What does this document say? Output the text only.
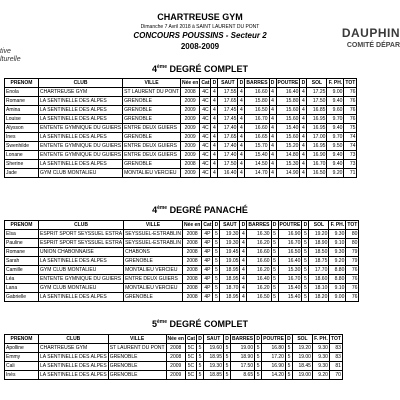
CHARTREUSE GYM
Dimanche 7 Avril 2018 à SAINT LAURENT DU PONT
CONCOURS POUSSINS - Secteur 2
2008-2009
tive
lturelle
DAUPHIN
COMITÉ DÉPAR
4ème DEGRÉ COMPLET
PRENOM	CLUB	VILLE	Née en	Cat	D	SAUT	D	BARRES	D	POUTRE	D	SOL	F. PH.	TOT
Enola	CHARTREUSE GYM	ST LAURENT DU PONT	2008	4C	4	17.55	4	16.60	4	16.40	4	17.25	9.00	76
Romane	LA SENTINELLE DES ALPES	GRENOBLE	2009	4C	4	17.65	4	15.80	4	15.80	4	17.50	9.40	76
Amina	LA SENTINELLE DES ALPES	GRENOBLE	2009	4C	4	17.45	4	16.50	4	15.60	4	16.85	9.60	76
Louise	LA SENTINELLE DES ALPES	GRENOBLE	2009	4C	4	17.45	4	16.70	4	15.60	4	16.95	9.70	76
Alysson	ENTENTE GYMNIQUE DU GUIERS	ENTRE DEUX GUIERS	2009	4C	4	17.40	4	16.60	4	15.40	4	16.95	9.40	75
Ines	LA SENTINELLE DES ALPES	GRENOBLE	2009	4C	4	17.65	4	16.65	4	15.60	4	17.00	9.70	74
Swenhilde	ENTENTE GYMNIQUE DU GUIERS	ENTRE DEUX GUIERS	2009	4C	4	17.40	4	15.70	4	15.20	4	16.95	9.50	74
Lonane	ENTENTE GYMNIQUE DU GUIERS	ENTRE DEUX GUIERS	2009	4C	4	17.40	4	15.40	4	14.80	4	16.90	9.40	73
Sherine	LA SENTINELLE DES ALPES	GRENOBLE	2008	4C	4	17.50	4	14.50	4	15.30	4	16.70	9.40	73
Jade	GYM CLUB MONTALIEU	MONTALIEU VERCIEU	2009	4C	4	16.40	4	14.70	4	14.90	4	16.50	9.20	71
4ème DEGRÉ PANACHÉ
PRENOM	CLUB	VILLE	Née en	Cat	D	SAUT	D	BARRES	D	POUTRE	D	SOL	F. PH.	TOT
Elsa	ESPRIT SPORT SEYSSUEL ESTRA	SEYSSUEL-ESTRABLIN	2008	4P	5	19.30	4	16.30	5	16.90	5	19.20	9.30	80
Pauline	ESPRIT SPORT SEYSSUEL ESTRA	SEYSSUEL-ESTRABLIN	2008	4P	5	19.30	4	16.20	5	16.70	5	18.90	9.10	80
Romane	UNION CHABONNAISE	CHABONS	2008	4P	5	19.45	4	16.60	5	16.50	5	18.50	9.30	79
Sarah	LA SENTINELLE DES ALPES	GRENOBLE	2008	4P	5	19.05	4	16.60	5	16.40	5	18.75	9.20	79
Camille	GYM CLUB MONTALIEU	MONTALIEU VERCIEU	2008	4P	5	18.95	4	16.20	5	15.30	5	17.70	8.80	76
Léa	ENTENTE GYMNIQUE DU GUIERS	ENTRE DEUX GUIERS	2008	4P	5	18.95	4	16.40	5	16.70	5	18.60	8.80	76
Lana	GYM CLUB MONTALIEU	MONTALIEU VERCIEU	2008	4P	5	18.70	4	16.20	5	15.40	5	18.10	9.10	76
Gabrielle	LA SENTINELLE DES ALPES	GRENOBLE	2008	4P	5	18.95	4	16.50	5	15.40	5	18.20	9.00	76
5ème DEGRÉ COMPLET
PRENOM	CLUB	VILLE	Née en	Cat	D	SAUT	D	BARRES	D	POUTRE	D	SOL	F. PH.	TOT
Apolline	CHARTREUSE GYM	ST LAURENT DU PONT	2008	5C	5	19.60	5	19.00	5	16.80	5	19.20	9.30	83
Emmy	LA SENTINELLE DES ALPES	GRENOBLE	2008	5C	5	18.95	5	18.90	5	17.20	5	19.00	9.30	83
Cali	LA SENTINELLE DES ALPES	GRENOBLE	2009	5C	5	19.30	5	17.50	5	16.90	5	18.45	9.30	81
Inès	LA SENTINELLE DES ALPES	GRENOBLE	2009	5C	5	18.85	5	8.65	5	14.20	5	19.00	9.20	70
